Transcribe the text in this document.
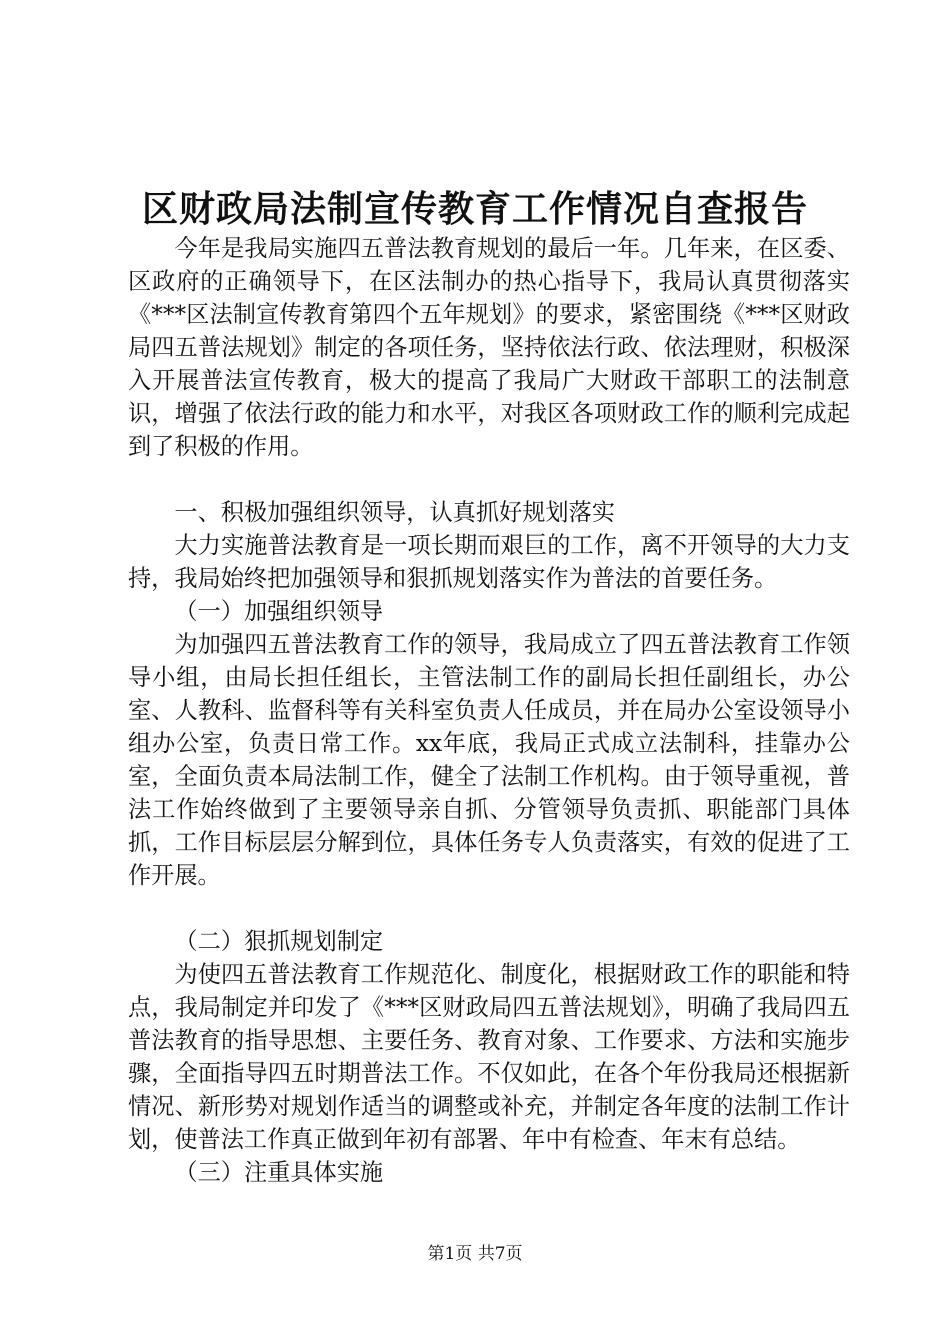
区财政局法制宣传教育工作情况自查报告

今年是我局实施四五普法教育规划的最后一年。几年来，在区委、区政府的正确领导下，在区法制办的热心指导下，我局认真贯彻落实《***区法制宣传教育第四个五年规划》的要求，紧密围绕《***区财政局四五普法规划》制定的各项任务，坚持依法行政、依法理财，积极深入开展普法宣传教育，极大的提高了我局广大财政干部职工的法制意识，增强了依法行政的能力和水平，对我区各项财政工作的顺利完成起到了积极的作用。

一、积极加强组织领导，认真抓好规划落实

大力实施普法教育是一项长期而艰巨的工作，离不开领导的大力支持，我局始终把加强领导和狠抓规划落实作为普法的首要任务。

（一）加强组织领导

为加强四五普法教育工作的领导，我局成立了四五普法教育工作领导小组，由局长担任组长，主管法制工作的副局长担任副组长，办公室、人教科、监督科等有关科室负责人任成员，并在局办公室设领导小组办公室，负责日常工作。xx年底，我局正式成立法制科，挂靠办公室，全面负责本局法制工作，健全了法制工作机构。由于领导重视，普法工作始终做到了主要领导亲自抓、分管领导负责抓、职能部门具体抓，工作目标层层分解到位，具体任务专人负责落实，有效的促进了工作开展。

（二）狠抓规划制定

为使四五普法教育工作规范化、制度化，根据财政工作的职能和特点，我局制定并印发了《***区财政局四五普法规划》，明确了我局四五普法教育的指导思想、主要任务、教育对象、工作要求、方法和实施步骤，全面指导四五时期普法工作。不仅如此，在各个年份我局还根据新情况、新形势对规划作适当的调整或补充，并制定各年度的法制工作计划，使普法工作真正做到年初有部署、年中有检查、年末有总结。

（三）注重具体实施

第1页 共7页
